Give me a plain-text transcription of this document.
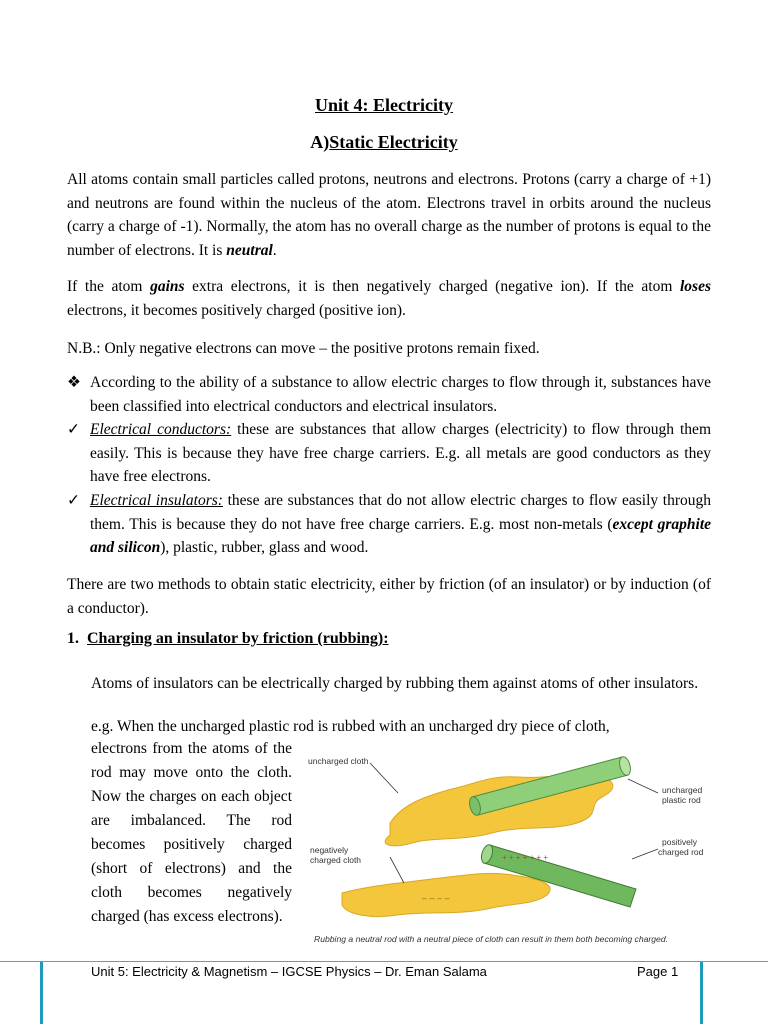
Unit 4: Electricity
A)Static Electricity

All atoms contain small particles called protons, neutrons and electrons. Protons (carry a charge of +1) and neutrons are found within the nucleus of the atom. Electrons travel in orbits around the nucleus (carry a charge of -1). Normally, the atom has no overall charge as the number of protons is equal to the number of electrons. It is neutral.

If the atom gains extra electrons, it is then negatively charged (negative ion). If the atom loses electrons, it becomes positively charged (positive ion).

N.B.: Only negative electrons can move – the positive protons remain fixed.

❖ According to the ability of a substance to allow electric charges to flow through it, substances have been classified into electrical conductors and electrical insulators.
✓ Electrical conductors: these are substances that allow charges (electricity) to flow through them easily. This is because they have free charge carriers. E.g. all metals are good conductors as they have free electrons.
✓ Electrical insulators: these are substances that do not allow electric charges to flow easily through them. This is because they do not have free charge carriers. E.g. most non-metals (except graphite and silicon), plastic, rubber, glass and wood.

There are two methods to obtain static electricity, either by friction (of an insulator) or by induction (of a conductor).

1. Charging an insulator by friction (rubbing):

Atoms of insulators can be electrically charged by rubbing them against atoms of other insulators.

e.g. When the uncharged plastic rod is rubbed with an uncharged dry piece of cloth,

electrons from the atoms of the rod may move onto the cloth. Now the charges on each object are imbalanced. The rod becomes positively charged (short of electrons) and the cloth becomes negatively charged (has excess electrons).

uncharged cloth
uncharged
plastic rod
– – – –
+ + + + + + +
negatively
charged cloth
positively
charged rod
Rubbing a neutral rod with a neutral piece of cloth can result in them both becoming charged.
Unit 5: Electricity & Magnetism – IGCSE Physics – Dr. Eman Salama	Page 1
